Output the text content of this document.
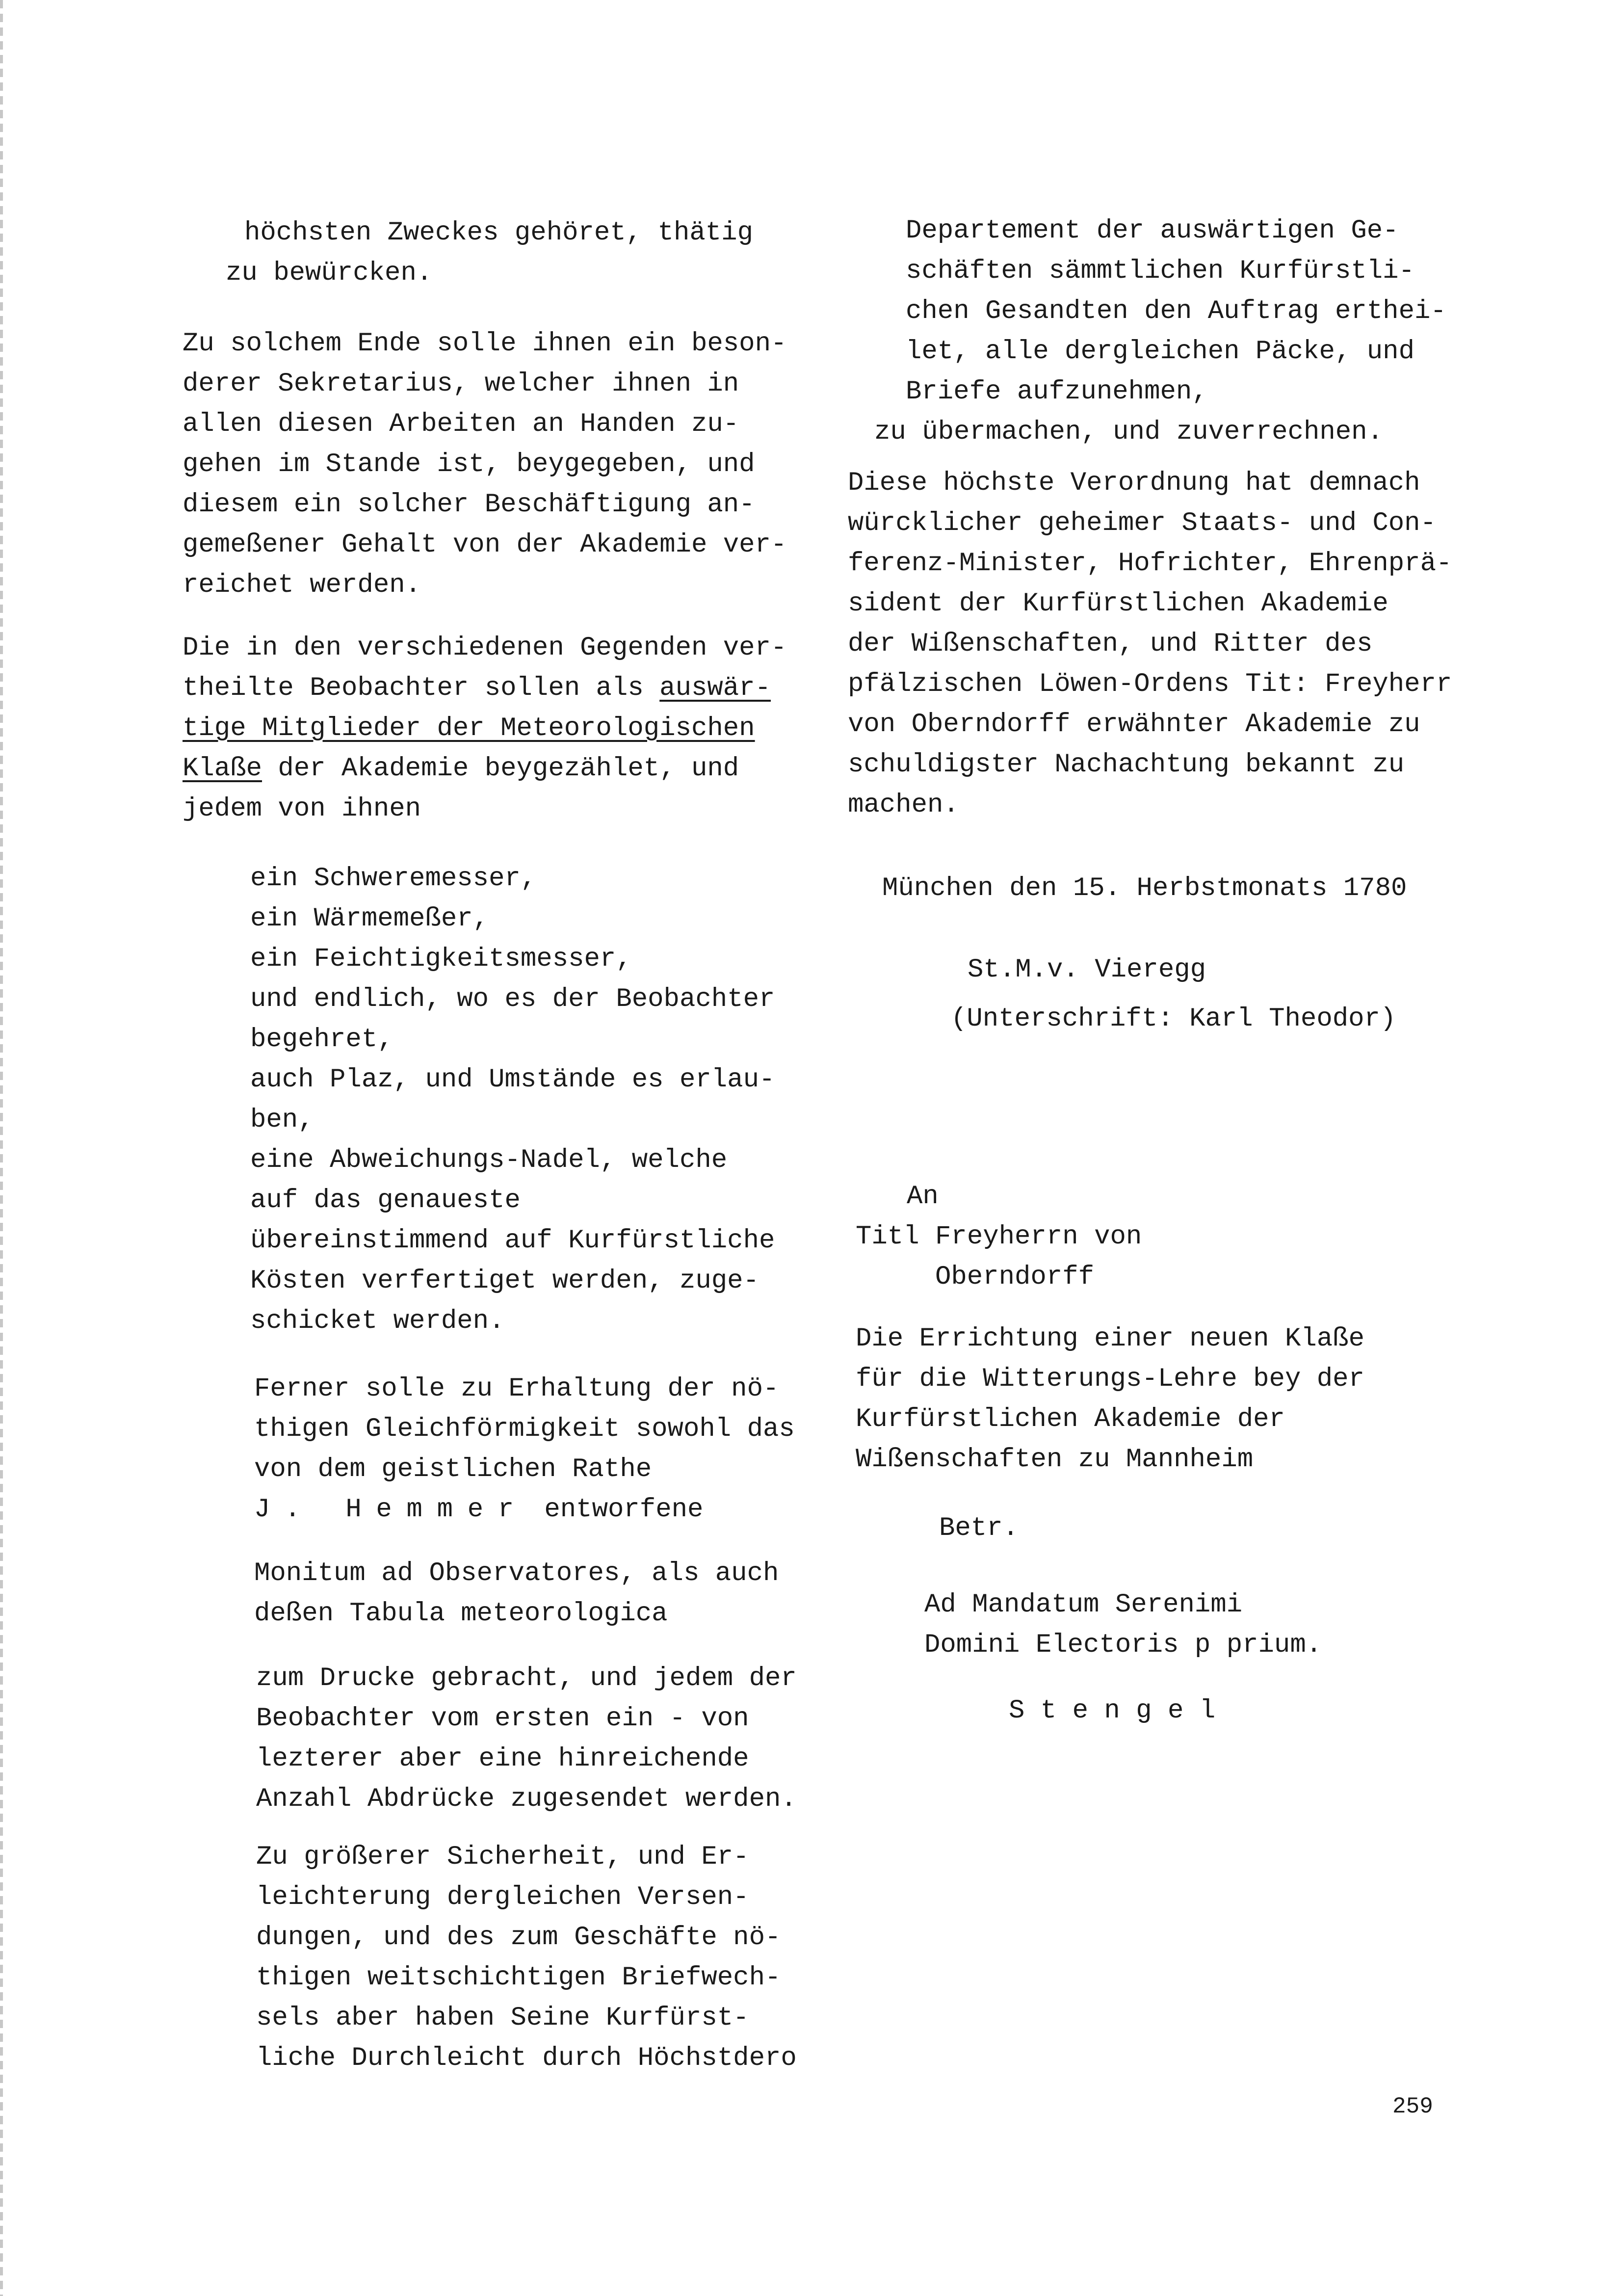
höchsten Zweckes gehöret, thätig
zu bewürcken.
Zu solchem Ende solle ihnen ein beson-
derer Sekretarius, welcher ihnen in
allen diesen Arbeiten an Handen zu-
gehen im Stande ist, beygegeben, und
diesem ein solcher Beschäftigung an-
gemeßener Gehalt von der Akademie ver-
reichet werden.
Die in den verschiedenen Gegenden ver-
theilte Beobachter sollen als auswär-
tige Mitglieder der Meteorologischen
Klaße der Akademie beygezählet, und
jedem von ihnen
ein Schweremesser,
ein Wärmemeßer,
ein Feichtigkeitsmesser,
und endlich, wo es der Beobachter
begehret,
auch Plaz, und Umstände es erlau-
ben,
eine Abweichungs-Nadel, welche
auf das genaueste
übereinstimmend auf Kurfürstliche
Kösten verfertiget werden, zuge-
schicket werden.
Ferner solle zu Erhaltung der nö-
thigen Gleichförmigkeit sowohl das
von dem geistlichen Rathe
J. Hemmer entworfene
Monitum ad Observatores, als auch
deßen Tabula meteorologica
zum Drucke gebracht, und jedem der
Beobachter vom ersten ein - von
lezterer aber eine hinreichende
Anzahl Abdrücke zugesendet werden.
Zu größerer Sicherheit, und Er-
leichterung dergleichen Versen-
dungen, und des zum Geschäfte nö-
thigen weitschichtigen Briefwech-
sels aber haben Seine Kurfürst-
liche Durchleicht durch Höchstdero
Departement der auswärtigen Ge-
schäften sämmtlichen Kurfürstli-
chen Gesandten den Auftrag erthei-
let, alle dergleichen Päcke, und
Briefe aufzunehmen,
zu übermachen, und zuverrechnen.
Diese höchste Verordnung hat demnach
würcklicher geheimer Staats- und Con-
ferenz-Minister, Hofrichter, Ehrenprä-
sident der Kurfürstlichen Akademie
der Wißenschaften, und Ritter des
pfälzischen Löwen-Ordens Tit: Freyherr
von Oberndorff erwähnter Akademie zu
schuldigster Nachachtung bekannt zu
machen.
München den 15. Herbstmonats 1780
St.M.v. Vieregg
(Unterschrift: Karl Theodor)
An
Titl Freyherrn von
Oberndorff
Die Errichtung einer neuen Klaße
für die Witterungs-Lehre bey der
Kurfürstlichen Akademie der
Wißenschaften zu Mannheim
Betr.
Ad Mandatum Serenimi
Domini Electoris p prium.
Stengel
259
